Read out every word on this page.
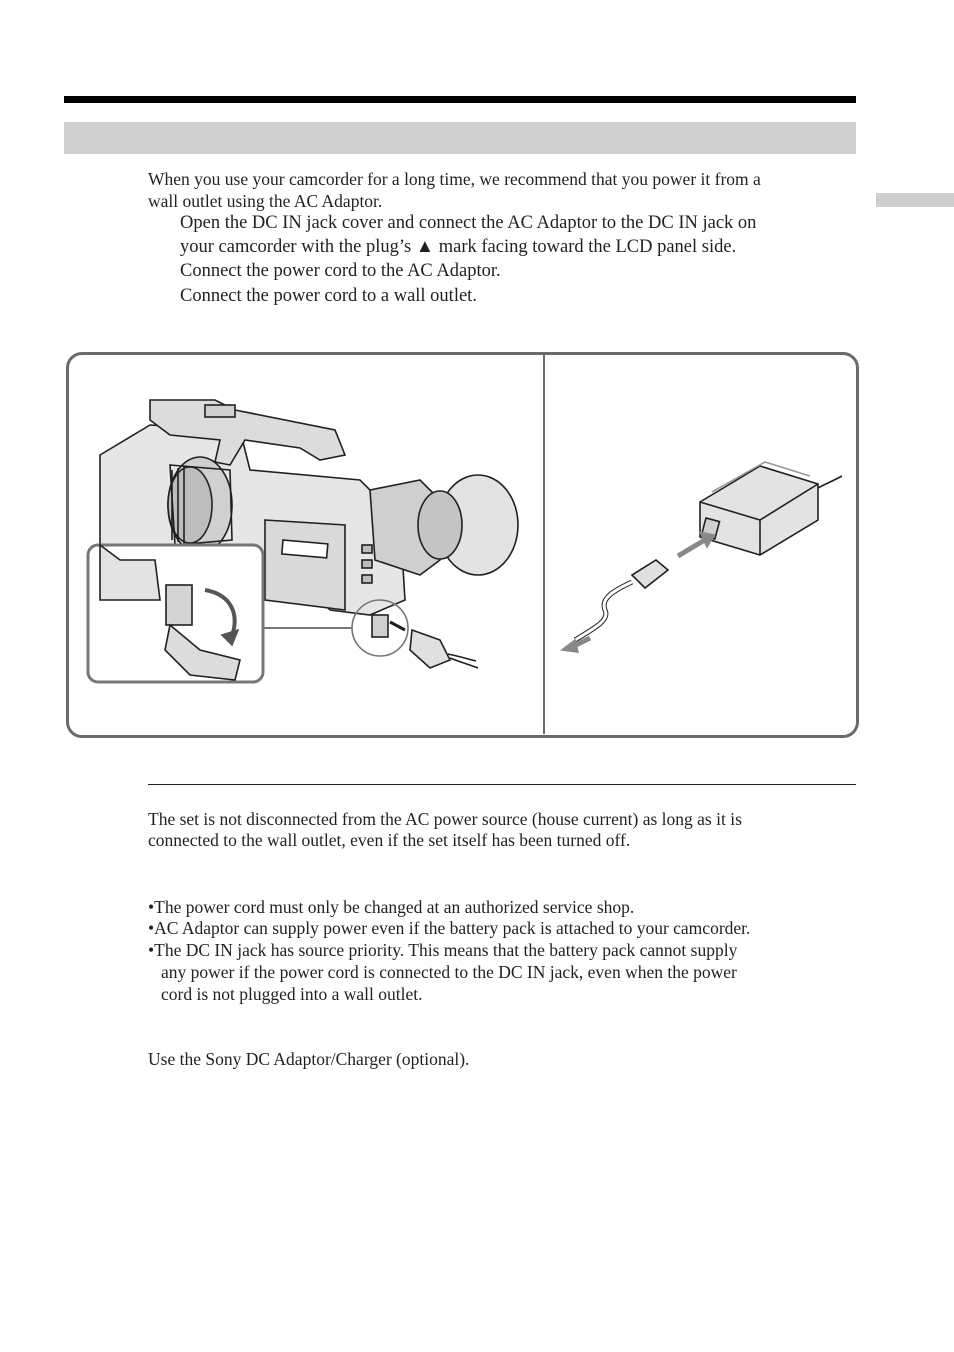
When you use your camcorder for a long time, we recommend that you power it from a
wall outlet using the AC Adaptor.
Open the DC IN jack cover and connect the AC Adaptor to the DC IN jack on
your camcorder with the plug’s ▲ mark facing toward the LCD panel side.
Connect the power cord to the AC Adaptor.
Connect the power cord to a wall outlet.
The set is not disconnected from the AC power source (house current) as long as it is
connected to the wall outlet, even if the set itself has been turned off.
•The power cord must only be changed at an authorized service shop.
•AC Adaptor can supply power even if the battery pack is attached to your camcorder.
•The DC IN jack has source priority. This means that the battery pack cannot supply
any power if the power cord is connected to the DC IN jack, even when the power
cord is not plugged into a wall outlet.
Use the Sony DC Adaptor/Charger (optional).
